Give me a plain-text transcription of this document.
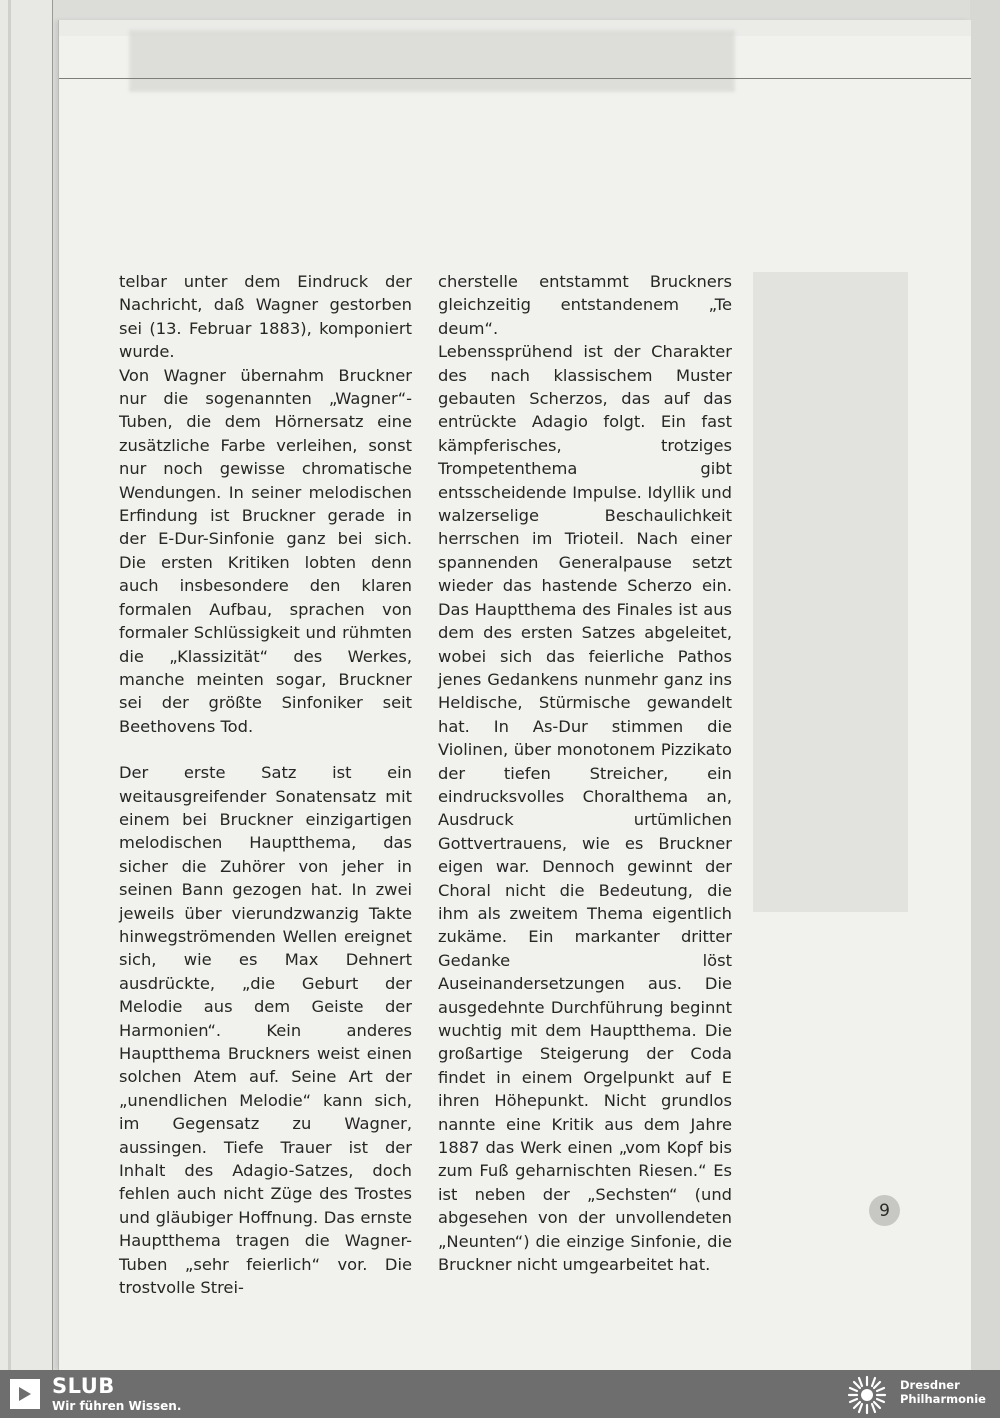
telbar unter dem Eindruck der Nachricht, daß Wagner gestorben sei (13. Februar 1883), komponiert wurde.

Von Wagner übernahm Bruckner nur die sogenannten „Wagner“-Tuben, die dem Hörnersatz eine zusätzliche Farbe verleihen, sonst nur noch gewisse chromatische Wendungen. In seiner melodischen Erfindung ist Bruckner gerade in der E-Dur-Sinfonie ganz bei sich. Die ersten Kritiken lobten denn auch insbesondere den klaren formalen Aufbau, sprachen von formaler Schlüssigkeit und rühmten die „Klassizität“ des Werkes, manche meinten sogar, Bruckner sei der größte Sinfoniker seit Beethovens Tod.

Der erste Satz ist ein weitausgreifender Sonatensatz mit einem bei Bruckner einzigartigen melodischen Hauptthema, das sicher die Zuhörer von jeher in seinen Bann gezogen hat. In zwei jeweils über vierundzwanzig Takte hinwegströmenden Wellen ereignet sich, wie es Max Dehnert ausdrückte, „die Geburt der Melodie aus dem Geiste der Harmonien“. Kein anderes Hauptthema Bruckners weist einen solchen Atem auf. Seine Art der „unendlichen Melodie“ kann sich, im Gegensatz zu Wagner, aussingen. Tiefe Trauer ist der Inhalt des Adagio-Satzes, doch fehlen auch nicht Züge des Trostes und gläubiger Hoffnung. Das ernste Hauptthema tragen die Wagner-Tuben „sehr feierlich“ vor. Die trostvolle Strei-

cherstelle entstammt Bruckners gleichzeitig entstandenem „Te deum“.

Lebenssprühend ist der Charakter des nach klassischem Muster gebauten Scherzos, das auf das entrückte Adagio folgt. Ein fast kämpferisches, trotziges Trompetenthema gibt entsscheidende Impulse. Idyllik und walzerselige Beschaulichkeit herrschen im Trioteil. Nach einer spannenden Generalpause setzt wieder das hastende Scherzo ein. Das Hauptthema des Finales ist aus dem des ersten Satzes abgeleitet, wobei sich das feierliche Pathos jenes Gedankens nunmehr ganz ins Heldische, Stürmische gewandelt hat. In As-Dur stimmen die Violinen, über monotonem Pizzikato der tiefen Streicher, ein eindrucksvolles Choralthema an, Ausdruck urtümlichen Gottvertrauens, wie es Bruckner eigen war. Dennoch gewinnt der Choral nicht die Bedeutung, die ihm als zweitem Thema eigentlich zukäme. Ein markanter dritter Gedanke löst Auseinandersetzungen aus. Die ausgedehnte Durchführung beginnt wuchtig mit dem Hauptthema. Die großartige Steigerung der Coda findet in einem Orgelpunkt auf E ihren Höhepunkt. Nicht grundlos nannte eine Kritik aus dem Jahre 1887 das Werk einen „vom Kopf bis zum Fuß geharnischten Riesen.“ Es ist neben der „Sechsten“ (und abgesehen von der unvollendeten „Neunten“) die einzige Sinfonie, die Bruckner nicht umgearbeitet hat.

9
SLUB
Wir führen Wissen.
Dresdner
Philharmonie
